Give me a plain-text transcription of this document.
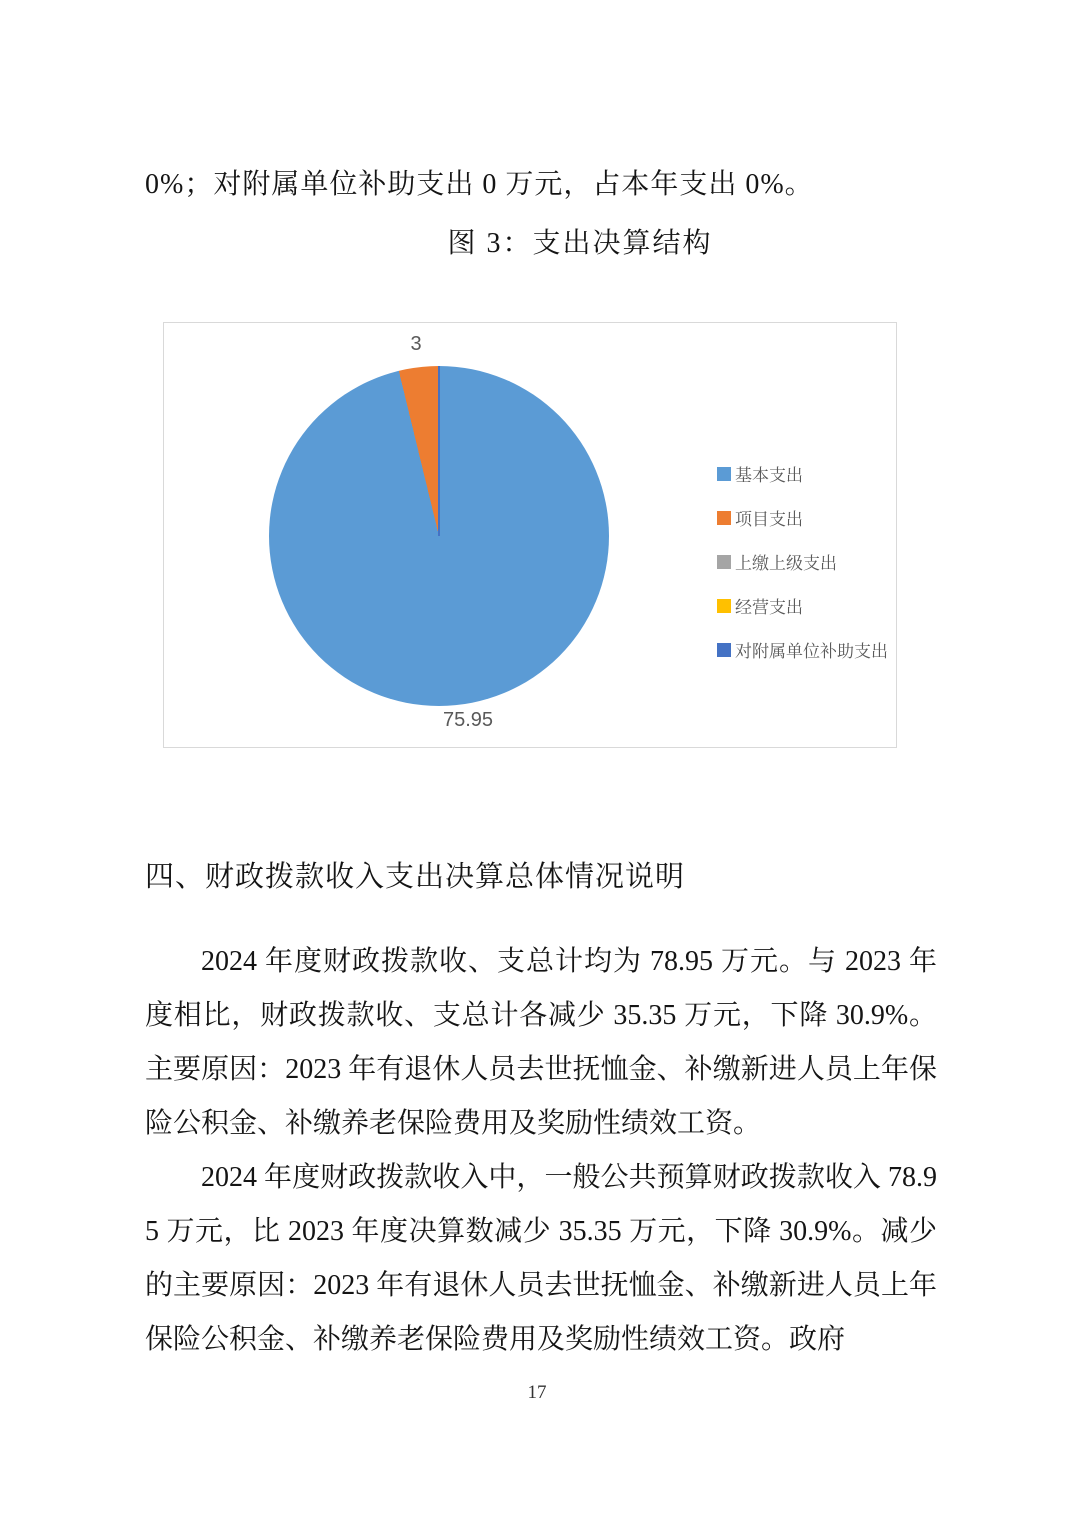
0%；对附属单位补助支出 0 万元，占本年支出 0%。
图 3：支出决算结构
3
75.95
基本支出
项目支出
上缴上级支出
经营支出
对附属单位补助支出
四、财政拨款收入支出决算总体情况说明

2024 年度财政拨款收、支总计均为 78.95 万元。与 2023 年度相比，财政拨款收、支总计各减少 35.35 万元，下降 30.9%。主要原因：2023 年有退休人员去世抚恤金、补缴新进人员上年保险公积金、补缴养老保险费用及奖励性绩效工资。

2024 年度财政拨款收入中，一般公共预算财政拨款收入 78.95 万元，比 2023 年度决算数减少 35.35 万元，下降 30.9%。减少的主要原因：2023 年有退休人员去世抚恤金、补缴新进人员上年保险公积金、补缴养老保险费用及奖励性绩效工资。政府

17
